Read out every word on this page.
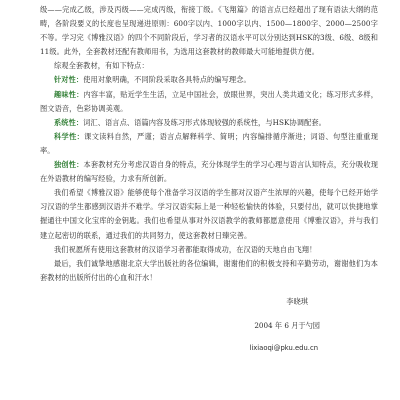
级——完成乙级，涉及丙级——完成丙级，衔接丁级。《飞翔篇》的语言点已经超出了现有语法大纲的范畴，各阶段要义的长度也呈现递进原则：600字以内、1000字以内、1500—1800字、2000—2500字不等。学习完《博雅汉语》的四个不同阶段后，学习者的汉语水平可以分别达到HSK的3级、6级、8级和11级。此外，全套教材还配有教师用书，为选用这套教材的教师最大可能地提供方便。

综观全套教材，有如下特点：

针对性：使用对象明确，不同阶段采取各具特点的编写理念。

趣味性：内容丰富，贴近学生生活，立足中国社会，放眼世界，突出人类共通文化；练习形式多样，图文语音，色彩协调美观。

系统性：词汇、语言点、语篇内容及练习形式体现较强的系统性，与HSK协调配套。

科学性：课文读料自然，严谨；语言点解释科学、简明；内容编排循序渐进；词语、句型注重重现率。

独创性：本套教材充分考虑汉语自身的特点，充分体现学生的学习心理与语言认知特点，充分吸收现在外语教材的编写经验，力求有所创新。

我们希望《博雅汉语》能够使每个准备学习汉语的学生都对汉语产生浓厚的兴趣，使每个已经开始学习汉语的学生都感到汉语并不难学。学习汉语实际上是一种轻松愉快的体验，只要付出，就可以快捷地掌握通往中国文化宝库的金钥匙。我们也希望从事对外汉语教学的教师都愿意使用《博雅汉语》，并与我们建立起密切的联系，通过我们的共同努力，使这套教材日臻完善。

我们祝愿所有使用这套教材的汉语学习者都能取得成功，在汉语的天地自由飞翔！

最后，我们诚挚地感谢北京大学出版社的各位编辑，谢谢他们的积极支持和辛勤劳动，谢谢他们为本套教材的出版所付出的心血和汗水！

李晓琪
2004 年 6 月于勺园
lixiaoqi@pku.edu.cn
